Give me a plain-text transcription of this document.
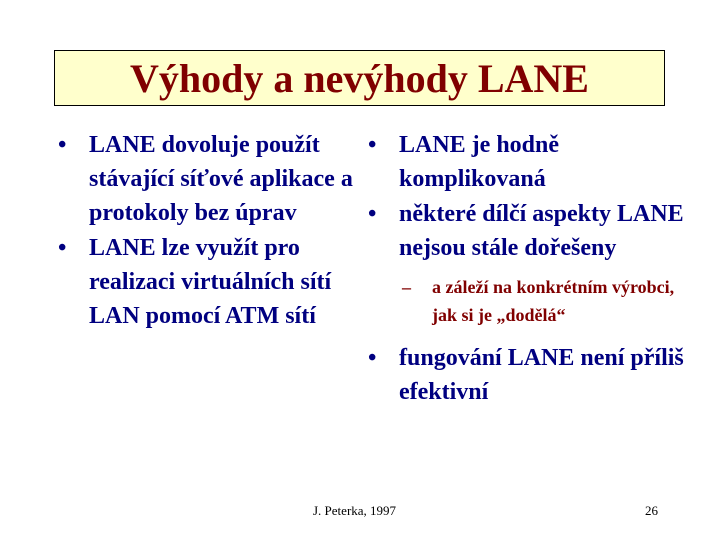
Výhody a nevýhody LANE
• LANE dovoluje použít stávající síťové aplikace a protokoly bez úprav
• LANE lze využít pro realizaci virtuálních sítí LAN pomocí ATM sítí
• LANE je hodně komplikovaná
• některé dílčí aspekty LANE nejsou stále dořešeny
– a záleží na konkrétním výrobci, jak si je „dodělá“
• fungování LANE není příliš efektivní
J. Peterka, 1997	26
